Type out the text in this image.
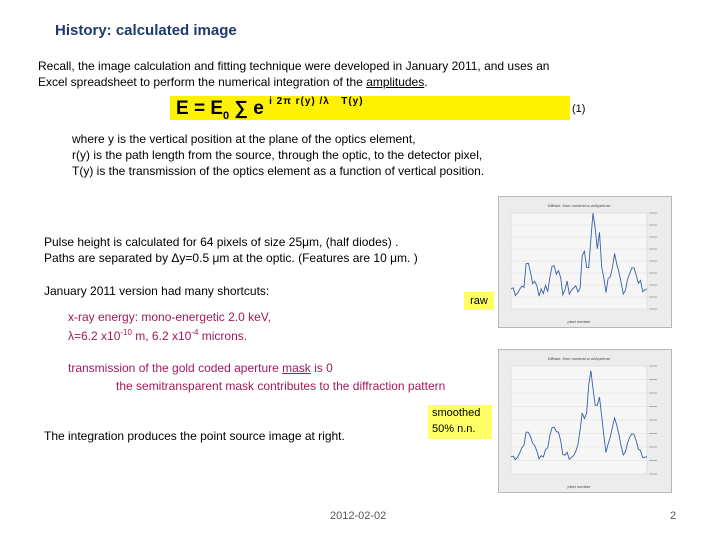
History: calculated image
Recall, the image calculation and fitting technique were developed in January 2011, and uses an Excel spreadsheet to perform the numerical integration of the amplitudes.
$E = E_0$ ∑ e $^{i 2\pi r(y) /\lambda T(y)}$
(1)
where y is the vertical position at the plane of the optics element,
r(y) is the path length from the source, through the optic, to the detector pixel,
T(y) is the transmission of the optics element as a function of vertical position.
Pulse height is calculated for 64 pixels of size 25μm, (half diodes) .
Paths are separated by Δy=0.5 μm at the optic. (Features are 10 μm. )
January 2011 version had many shortcuts:
x-ray energy: mono-energetic 2.0 keV,
λ=6.2 $x10^{-10}$ m, 6.2 $x10^{-4}$ microns.
transmission of the gold coded aperture mask is 0
the semitransparent mask contributes to the diffraction pattern
The integration produces the point source image at right.
Diffract. from nominal w-w/Aperture
pixel number
Diffract. from nominal w-w/Aperture
pixel number
raw
smoothed
50% n.n.
2012-02-02	2
